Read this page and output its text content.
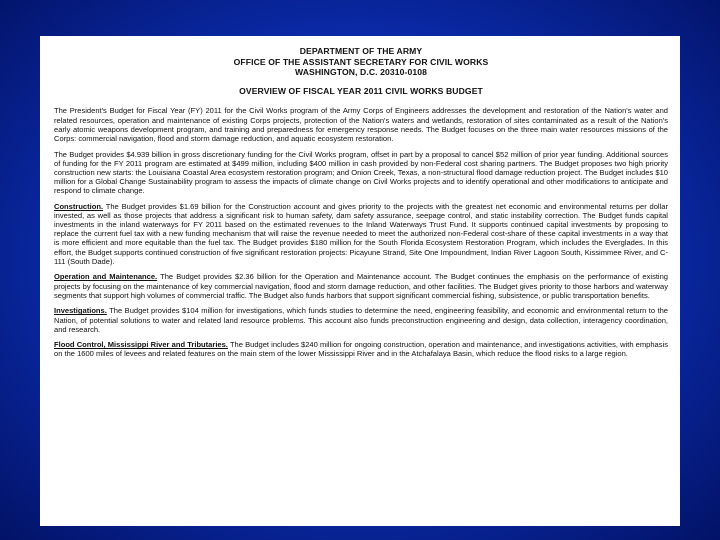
DEPARTMENT OF THE ARMY
OFFICE OF THE ASSISTANT SECRETARY FOR CIVIL WORKS
WASHINGTON, D.C. 20310-0108
OVERVIEW OF FISCAL YEAR 2011 CIVIL WORKS BUDGET

The President's Budget for Fiscal Year (FY) 2011 for the Civil Works program of the Army Corps of Engineers addresses the development and restoration of the Nation's water and related resources, operation and maintenance of existing Corps projects, protection of the Nation's waters and wetlands, restoration of sites contaminated as a result of the Nation's early atomic weapons development program, and training and preparedness for emergency response needs. The Budget focuses on the three main water resources missions of the Corps: commercial navigation, flood and storm damage reduction, and aquatic ecosystem restoration.

The Budget provides $4.939 billion in gross discretionary funding for the Civil Works program, offset in part by a proposal to cancel $52 million of prior year funding. Additional sources of funding for the FY 2011 program are estimated at $499 million, including $400 million in cash provided by non-Federal cost sharing partners. The Budget proposes two high priority construction new starts: the Louisiana Coastal Area ecosystem restoration program; and Onion Creek, Texas, a non-structural flood damage reduction project. The Budget includes $10 million for a Global Change Sustainability program to assess the impacts of climate change on Civil Works projects and to identify operational and other modifications to anticipate and respond to climate change.

Construction. The Budget provides $1.69 billion for the Construction account and gives priority to the projects with the greatest net economic and environmental returns per dollar invested, as well as those projects that address a significant risk to human safety, dam safety assurance, seepage control, and static instability correction. The Budget funds capital investments in the inland waterways for FY 2011 based on the estimated revenues to the Inland Waterways Trust Fund. It supports continued capital investments by proposing to replace the current fuel tax with a new funding mechanism that will raise the revenue needed to meet the authorized non-Federal cost-share of these capital investments in a way that is more efficient and more equitable than the fuel tax. The Budget provides $180 million for the South Florida Ecosystem Restoration Program, which includes the Everglades. In this effort, the Budget supports continued construction of five significant restoration projects: Picayune Strand, Site One Impoundment, Indian River Lagoon South, Kissimmee River, and C-111 (South Dade).

Operation and Maintenance. The Budget provides $2.36 billion for the Operation and Maintenance account. The Budget continues the emphasis on the performance of existing projects by focusing on the maintenance of key commercial navigation, flood and storm damage reduction, and other facilities. The Budget gives priority to those harbors and waterway segments that support high volumes of commercial traffic. The Budget also funds harbors that support significant commercial fishing, subsistence, or public transportation benefits.

Investigations. The Budget provides $104 million for investigations, which funds studies to determine the need, engineering feasibility, and economic and environmental return to the Nation, of potential solutions to water and related land resource problems. This account also funds preconstruction engineering and design, data collection, interagency coordination, and research.

Flood Control, Mississippi River and Tributaries. The Budget includes $240 million for ongoing construction, operation and maintenance, and investigations activities, with emphasis on the 1600 miles of levees and related features on the main stem of the lower Mississippi River and in the Atchafalaya Basin, which reduce the flood risks to a large region.
